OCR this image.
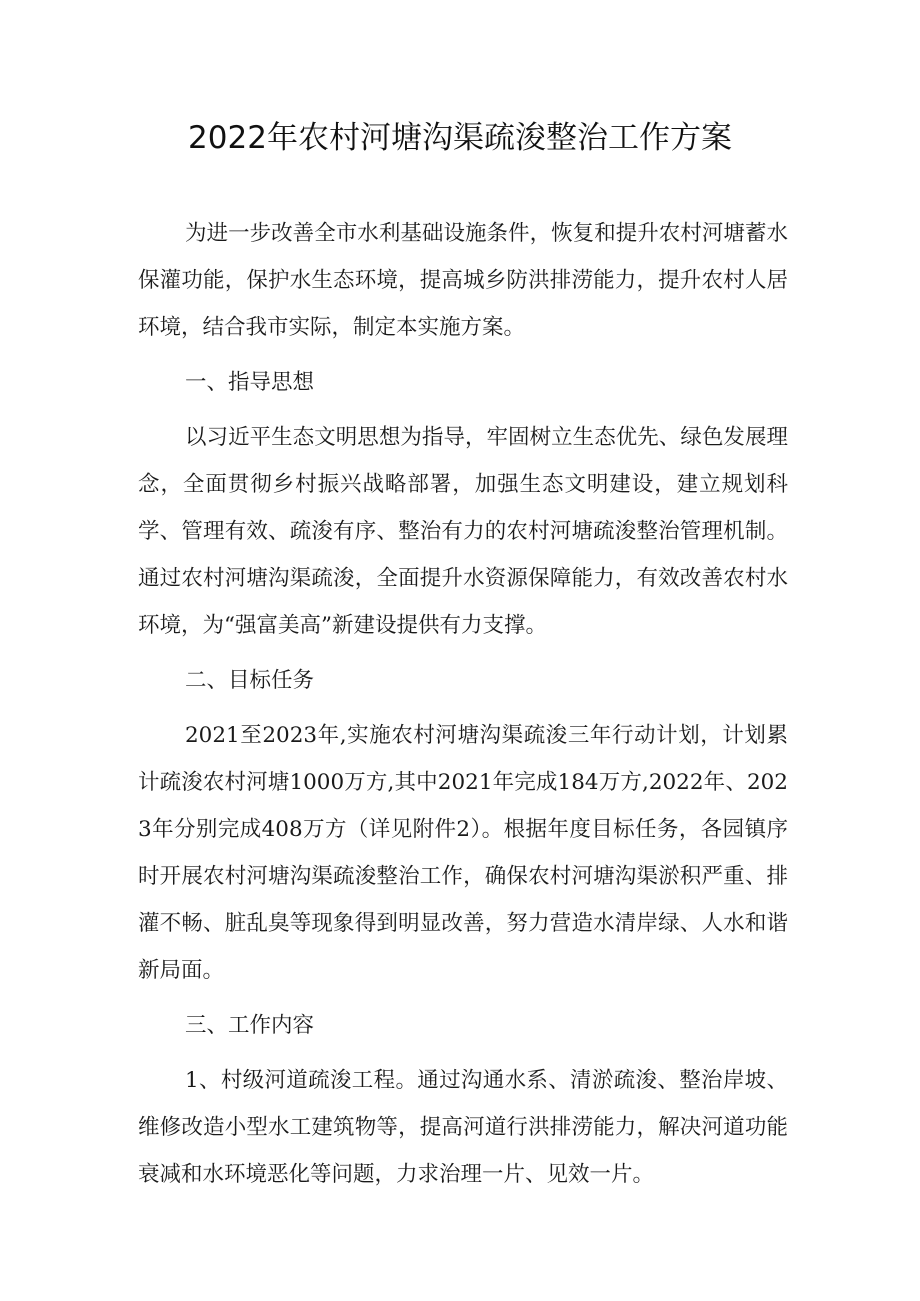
2022年农村河塘沟渠疏浚整治工作方案

为进一步改善全市水利基础设施条件，恢复和提升农村河塘蓄水保灌功能，保护水生态环境，提高城乡防洪排涝能力，提升农村人居环境，结合我市实际，制定本实施方案。

一、指导思想

以习近平生态文明思想为指导，牢固树立生态优先、绿色发展理念，全面贯彻乡村振兴战略部署，加强生态文明建设，建立规划科学、管理有效、疏浚有序、整治有力的农村河塘疏浚整治管理机制。通过农村河塘沟渠疏浚，全面提升水资源保障能力，有效改善农村水环境，为“强富美高”新建设提供有力支撑。

二、目标任务

2021至2023年,实施农村河塘沟渠疏浚三年行动计划，计划累计疏浚农村河塘1000万方,其中2021年完成184万方,2022年、2023年分别完成408万方（详见附件2）。根据年度目标任务，各园镇序时开展农村河塘沟渠疏浚整治工作，确保农村河塘沟渠淤积严重、排灌不畅、脏乱臭等现象得到明显改善，努力营造水清岸绿、人水和谐新局面。

三、工作内容

1、村级河道疏浚工程。通过沟通水系、清淤疏浚、整治岸坡、维修改造小型水工建筑物等，提高河道行洪排涝能力，解决河道功能衰减和水环境恶化等问题，力求治理一片、见效一片。
